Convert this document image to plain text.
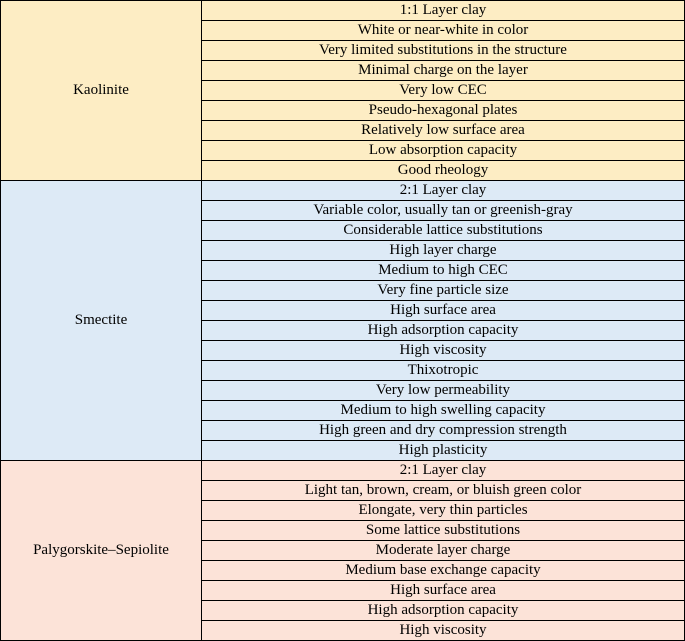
Kaolinite	1:1 Layer clay
	White or near-white in color
	Very limited substitutions in the structure
	Minimal charge on the layer
	Very low CEC
	Pseudo-hexagonal plates
	Relatively low surface area
	Low absorption capacity
	Good rheology
Smectite	2:1 Layer clay
	Variable color, usually tan or greenish-gray
	Considerable lattice substitutions
	High layer charge
	Medium to high CEC
	Very fine particle size
	High surface area
	High adsorption capacity
	High viscosity
	Thixotropic
	Very low permeability
	Medium to high swelling capacity
	High green and dry compression strength
	High plasticity
Palygorskite–Sepiolite	2:1 Layer clay
	Light tan, brown, cream, or bluish green color
	Elongate, very thin particles
	Some lattice substitutions
	Moderate layer charge
	Medium base exchange capacity
	High surface area
	High adsorption capacity
	High viscosity
